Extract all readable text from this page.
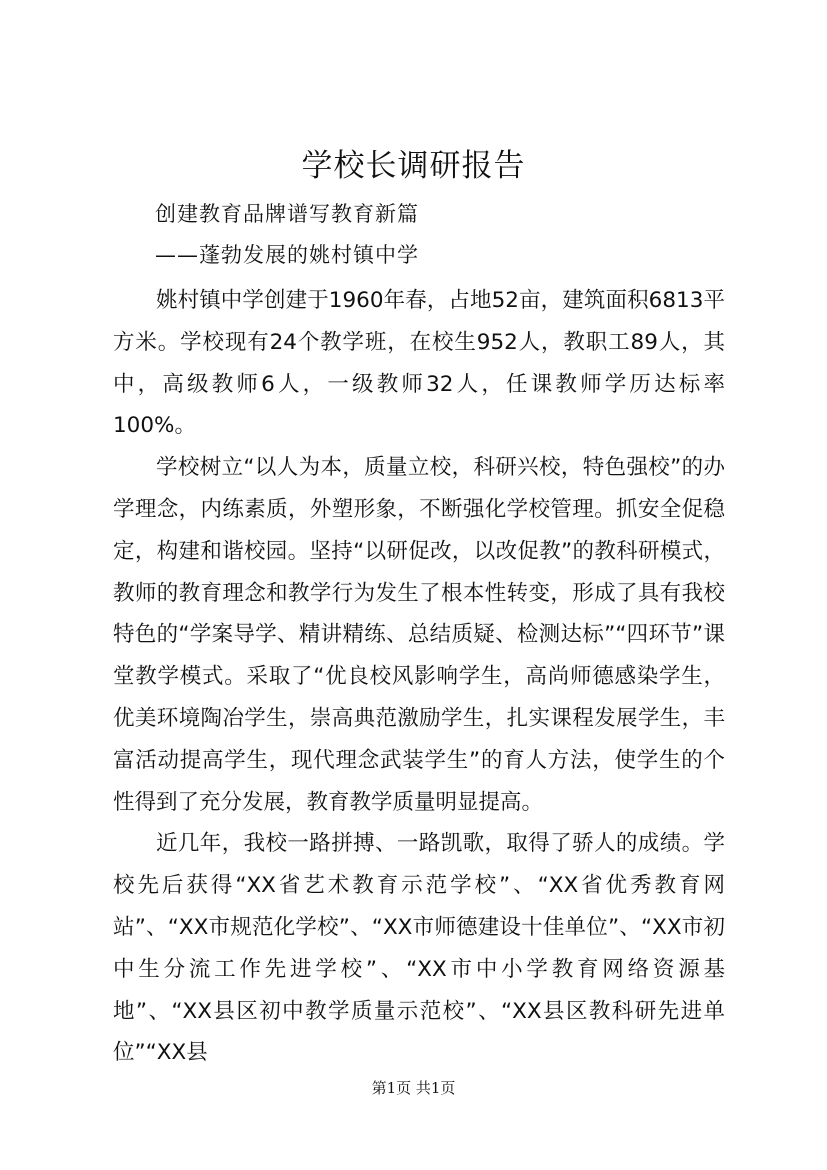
学校长调研报告
创建教育品牌谱写教育新篇
——蓬勃发展的姚村镇中学

姚村镇中学创建于1960年春，占地52亩，建筑面积6813平方米。学校现有24个教学班，在校生952人，教职工89人，其中，高级教师6人，一级教师32人，任课教师学历达标率100%。

学校树立“以人为本，质量立校，科研兴校，特色强校”的办学理念，内练素质，外塑形象，不断强化学校管理。抓安全促稳定，构建和谐校园。坚持“以研促改，以改促教”的教科研模式，教师的教育理念和教学行为发生了根本性转变，形成了具有我校特色的“学案导学、精讲精练、总结质疑、检测达标”“四环节”课堂教学模式。采取了“优良校风影响学生，高尚师德感染学生，优美环境陶冶学生，崇高典范激励学生，扎实课程发展学生，丰富活动提高学生，现代理念武装学生”的育人方法，使学生的个性得到了充分发展，教育教学质量明显提高。

近几年，我校一路拼搏、一路凯歌，取得了骄人的成绩。学校先后获得“XX省艺术教育示范学校”、“XX省优秀教育网站”、“XX市规范化学校”、“XX市师德建设十佳单位”、“XX市初中生分流工作先进学校”、“XX市中小学教育网络资源基地”、“XX县区初中教学质量示范校”、“XX县区教科研先进单位”“XX县

第1页 共1页
